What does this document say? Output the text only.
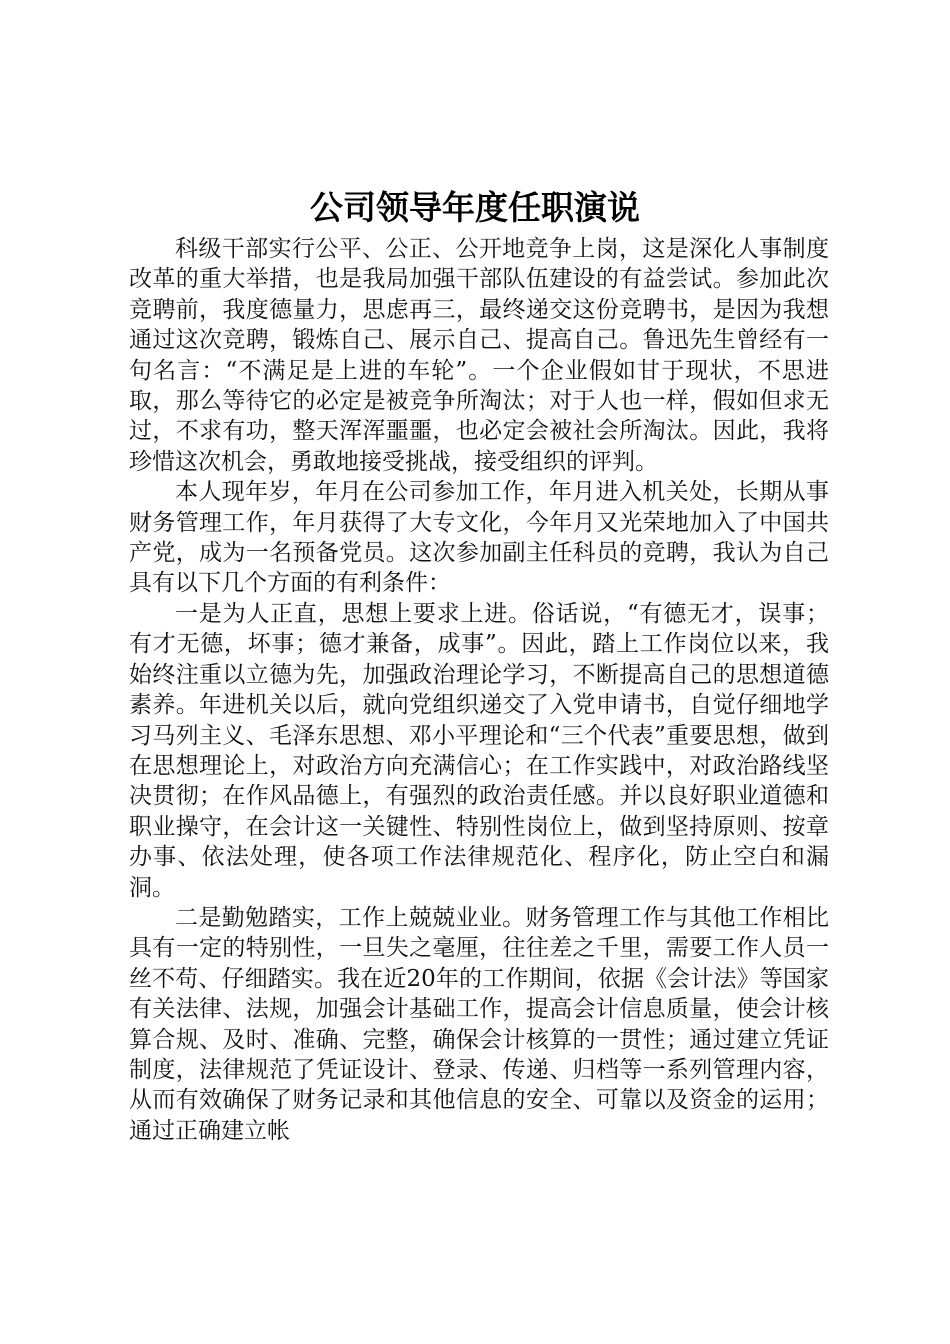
公司领导年度任职演说

科级干部实行公平、公正、公开地竞争上岗，这是深化人事制度改革的重大举措，也是我局加强干部队伍建设的有益尝试。参加此次竞聘前，我度德量力，思虑再三，最终递交这份竞聘书，是因为我想通过这次竞聘，锻炼自己、展示自己、提高自己。鲁迅先生曾经有一句名言：“不满足是上进的车轮”。一个企业假如甘于现状，不思进取，那么等待它的必定是被竞争所淘汰；对于人也一样，假如但求无过，不求有功，整天浑浑噩噩，也必定会被社会所淘汰。因此，我将珍惜这次机会，勇敢地接受挑战，接受组织的评判。

本人现年岁，年月在公司参加工作，年月进入机关处，长期从事财务管理工作，年月获得了大专文化，今年月又光荣地加入了中国共产党，成为一名预备党员。这次参加副主任科员的竞聘，我认为自己具有以下几个方面的有利条件：

一是为人正直，思想上要求上进。俗话说，“有德无才，误事；有才无德，坏事；德才兼备，成事”。因此，踏上工作岗位以来，我始终注重以立德为先，加强政治理论学习，不断提高自己的思想道德素养。年进机关以后，就向党组织递交了入党申请书，自觉仔细地学习马列主义、毛泽东思想、邓小平理论和“三个代表”重要思想，做到在思想理论上，对政治方向充满信心；在工作实践中，对政治路线坚决贯彻；在作风品德上，有强烈的政治责任感。并以良好职业道德和职业操守，在会计这一关键性、特别性岗位上，做到坚持原则、按章办事、依法处理，使各项工作法律规范化、程序化，防止空白和漏洞。

二是勤勉踏实，工作上兢兢业业。财务管理工作与其他工作相比具有一定的特别性，一旦失之毫厘，往往差之千里，需要工作人员一丝不苟、仔细踏实。我在近20年的工作期间，依据《会计法》等国家有关法律、法规，加强会计基础工作，提高会计信息质量，使会计核算合规、及时、准确、完整，确保会计核算的一贯性；通过建立凭证制度，法律规范了凭证设计、登录、传递、归档等一系列管理内容，从而有效确保了财务记录和其他信息的安全、可靠以及资金的运用；通过正确建立帐
